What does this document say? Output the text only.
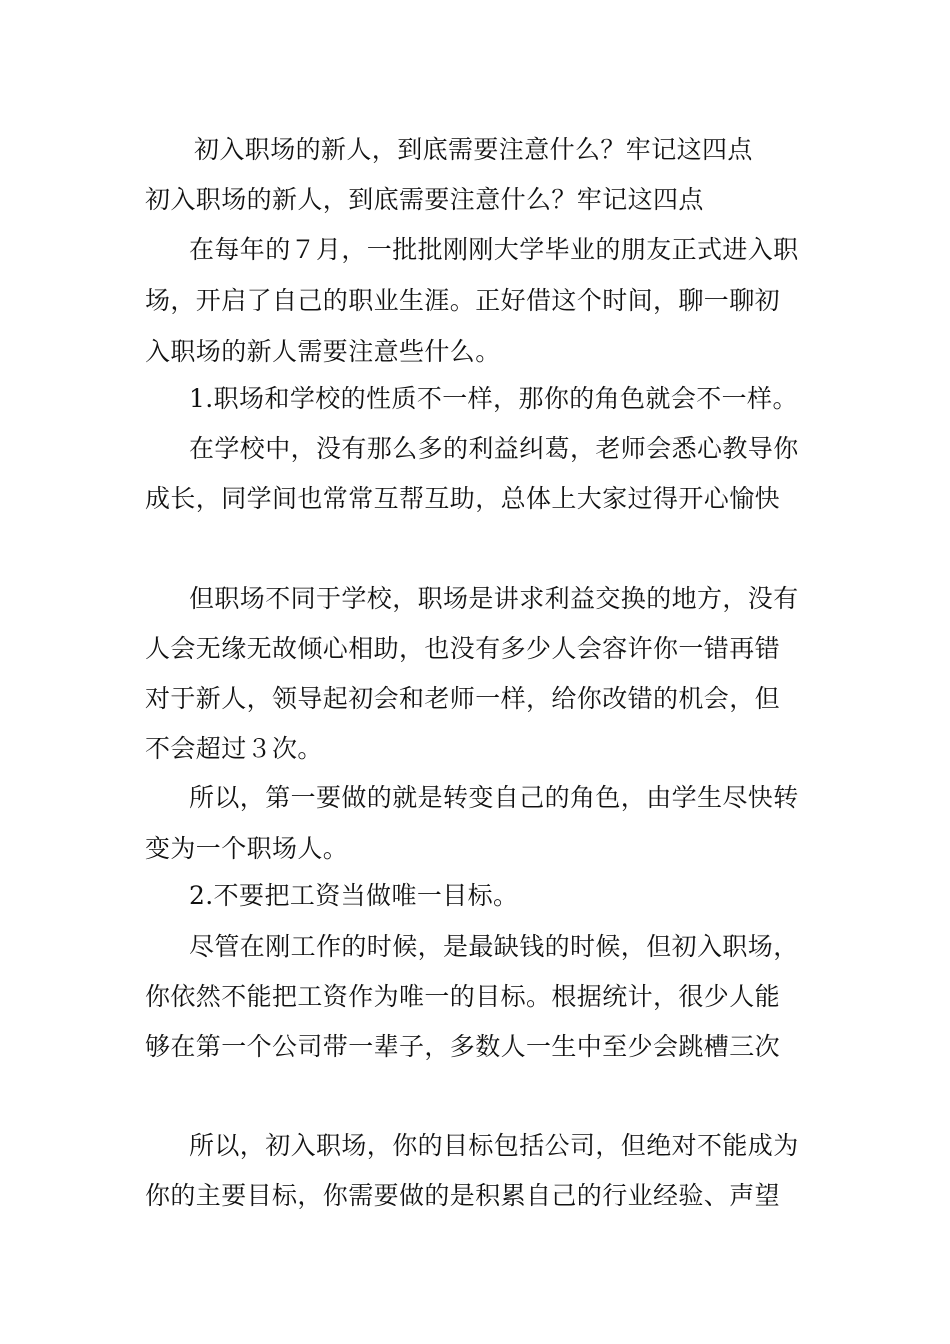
初入职场的新人，到底需要注意什么？牢记这四点
初入职场的新人，到底需要注意什么？牢记这四点
在每年的７月，一批批刚刚大学毕业的朋友正式进入职
场，开启了自己的职业生涯。正好借这个时间，聊一聊初
入职场的新人需要注意些什么。
1.职场和学校的性质不一样，那你的角色就会不一样。
在学校中，没有那么多的利益纠葛，老师会悉心教导你
成长，同学间也常常互帮互助，总体上大家过得开心愉快
但职场不同于学校，职场是讲求利益交换的地方，没有
人会无缘无故倾心相助，也没有多少人会容许你一错再错
对于新人，领导起初会和老师一样，给你改错的机会，但
不会超过３次。
所以，第一要做的就是转变自己的角色，由学生尽快转
变为一个职场人。
2.不要把工资当做唯一目标。
尽管在刚工作的时候，是最缺钱的时候，但初入职场，
你依然不能把工资作为唯一的目标。根据统计，很少人能
够在第一个公司带一辈子，多数人一生中至少会跳槽三次
所以，初入职场，你的目标包括公司，但绝对不能成为
你的主要目标，你需要做的是积累自己的行业经验、声望
